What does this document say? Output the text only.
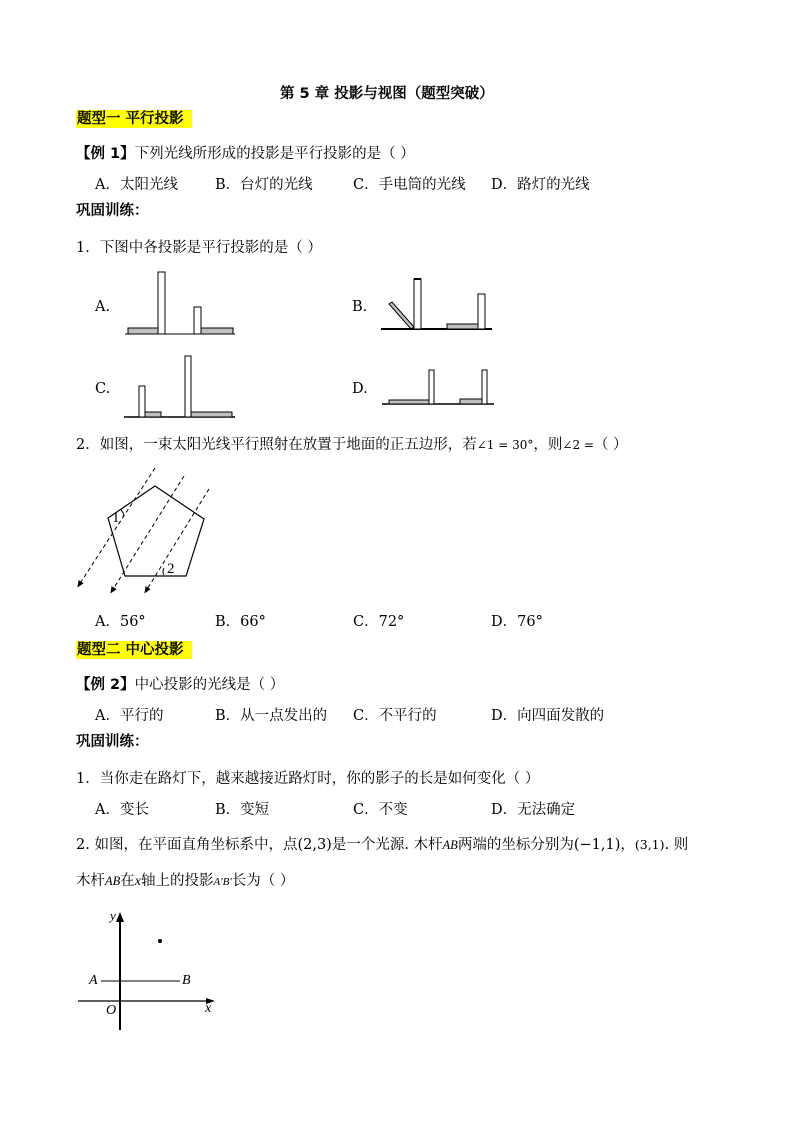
第 5 章 投影与视图（题型突破）
题型一 平行投影
【例 1】下列光线所形成的投影是平行投影的是（ ）
A．太阳光线	B．台灯的光线	C．手电筒的光线 D．路灯的光线
巩固训练：
1．下图中各投影是平行投影的是（ ）
A.	B.
C.	D.
2．如图，一束太阳光线平行照射在放置于地面的正五边形，若∠1 = 30°，则∠2 =（ ）
1
2
A．56°	B．66°	C．72°	D．76°
题型二 中心投影
【例 2】中心投影的光线是（ ）
A．平行的	B．从一点发出的 C．不平行的	D．向四面发散的
巩固训练：
1．当你走在路灯下，越来越接近路灯时，你的影子的长是如何变化（ ）
A．变长	B．变短	C．不变	D．无法确定
2. 如图，在平面直角坐标系中，点(2,3)是一个光源. 木杆AB两端的坐标分别为(−1,1)，(3,1). 则
木杆AB在x轴上的投影A′B′长为（ ）
y
x
O
A	B
